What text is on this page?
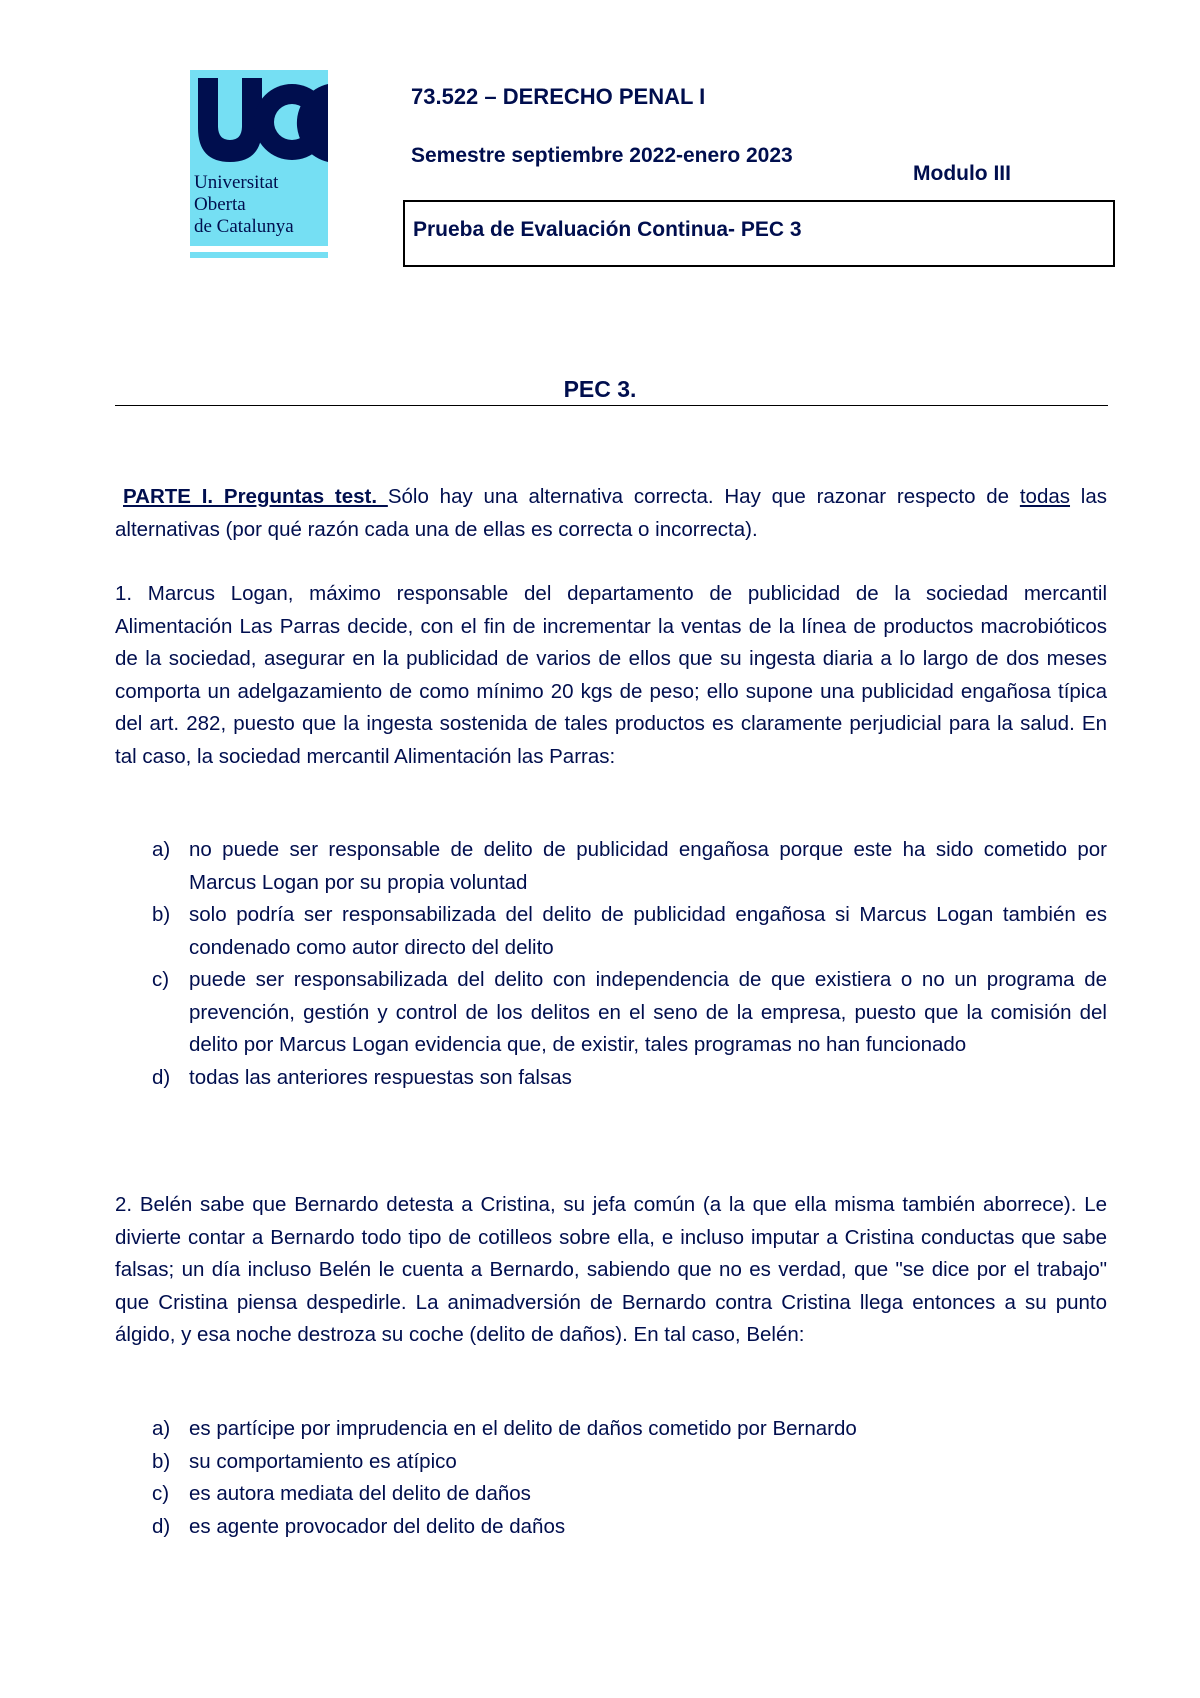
Universitat
Oberta
de Catalunya
73.522 – DERECHO PENAL I
Semestre septiembre 2022-enero 2023
Modulo III
Prueba de Evaluación Continua- PEC 3
PEC 3.
PARTE I. Preguntas test. Sólo hay una alternativa correcta. Hay que razonar respecto de todas las alternativas (por qué razón cada una de ellas es correcta o incorrecta).
1. Marcus Logan, máximo responsable del departamento de publicidad de la sociedad mercantil Alimentación Las Parras decide, con el fin de incrementar la ventas de la línea de productos macrobióticos de la sociedad, asegurar en la publicidad de varios de ellos que su ingesta diaria a lo largo de dos meses comporta un adelgazamiento de como mínimo 20 kgs de peso; ello supone una publicidad engañosa típica del art. 282, puesto que la ingesta sostenida de tales productos es claramente perjudicial para la salud. En tal caso, la sociedad mercantil Alimentación las Parras:
a) no puede ser responsable de delito de publicidad engañosa porque este ha sido cometido por Marcus Logan por su propia voluntad
b) solo podría ser responsabilizada del delito de publicidad engañosa si Marcus Logan también es condenado como autor directo del delito
c) puede ser responsabilizada del delito con independencia de que existiera o no un programa de prevención, gestión y control de los delitos en el seno de la empresa, puesto que la comisión del delito por Marcus Logan evidencia que, de existir, tales programas no han funcionado
d) todas las anteriores respuestas son falsas
2. Belén sabe que Bernardo detesta a Cristina, su jefa común (a la que ella misma también aborrece). Le divierte contar a Bernardo todo tipo de cotilleos sobre ella, e incluso imputar a Cristina conductas que sabe falsas; un día incluso Belén le cuenta a Bernardo, sabiendo que no es verdad, que "se dice por el trabajo" que Cristina piensa despedirle. La animadversión de Bernardo contra Cristina llega entonces a su punto álgido, y esa noche destroza su coche (delito de daños). En tal caso, Belén:
a) es partícipe por imprudencia en el delito de daños cometido por Bernardo
b) su comportamiento es atípico
c) es autora mediata del delito de daños
d) es agente provocador del delito de daños
